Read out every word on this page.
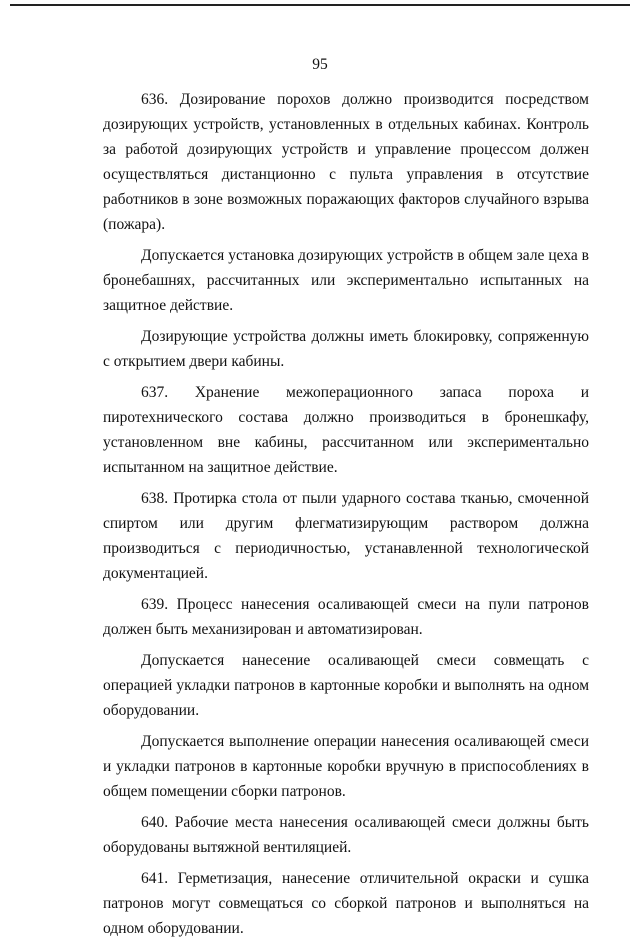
95

636. Дозирование порохов должно производится посредством дозирующих устройств, установленных в отдельных кабинах. Контроль за работой дозирующих устройств и управление процессом должен осуществляться дистанционно с пульта управления в отсутствие работников в зоне возможных поражающих факторов случайного взрыва (пожара).

Допускается установка дозирующих устройств в общем зале цеха в бронебашнях, рассчитанных или экспериментально испытанных на защитное действие.

Дозирующие устройства должны иметь блокировку, сопряженную с открытием двери кабины.

637. Хранение межоперационного запаса пороха и пиротехнического состава должно производиться в бронешкафу, установленном вне кабины, рассчитанном или экспериментально испытанном на защитное действие.

638. Протирка стола от пыли ударного состава тканью, смоченной спиртом или другим флегматизирующим раствором должна производиться с периодичностью, устанавленной технологической документацией.

639. Процесс нанесения осаливающей смеси на пули патронов должен быть механизирован и автоматизирован.

Допускается нанесение осаливающей смеси совмещать с операцией укладки патронов в картонные коробки и выполнять на одном оборудовании.

Допускается выполнение операции нанесения осаливающей смеси и укладки патронов в картонные коробки вручную в приспособлениях в общем помещении сборки патронов.

640. Рабочие места нанесения осаливающей смеси должны быть оборудованы вытяжной вентиляцией.

641. Герметизация, нанесение отличительной окраски и сушка патронов могут совмещаться со сборкой патронов и выполняться на одном оборудовании.
